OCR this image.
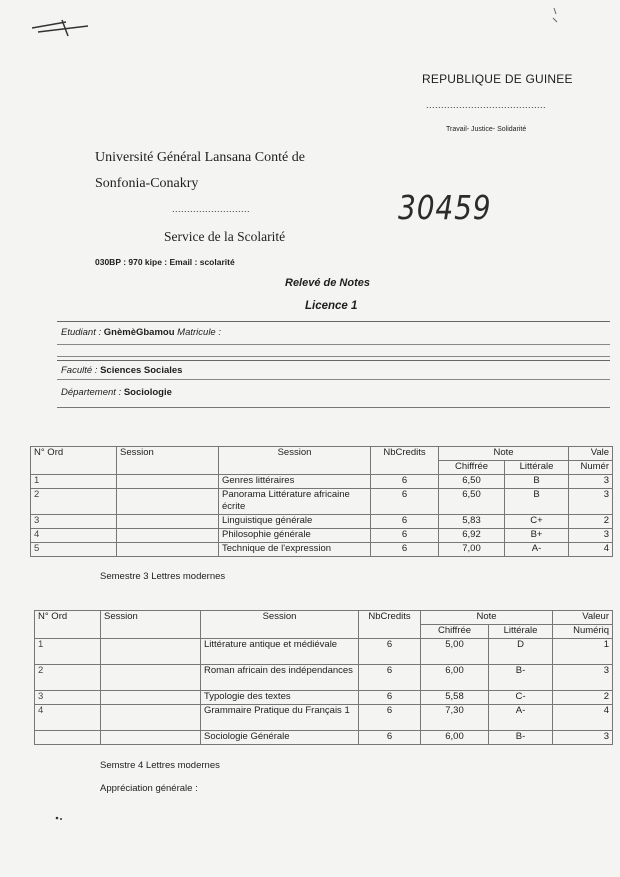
REPUBLIQUE DE GUINEE
........................................
Travail- Justice- Solidarité
Université Général Lansana Conté de
Sonfonia-Conakry
..........................
Service de la Scolarité
030BP : 970 kipe : Email : scolarité
30459
Relevé de Notes
Licence 1
Etudiant : GnèmèGbamou Matricule :
Faculté : Sciences Sociales
Département : Sociologie
N° Ord	Session	Session	NbCredits	Note		Vale
				Chiffrée	Littérale	Numér
1		Genres littéraires	6	6,50	B	3
2		Panorama Littérature africaine écrite	6	6,50	B	3
3		Linguistique générale	6	5,83	C+	2
4		Philosophie générale	6	6,92	B+	3
5		Technique de l'expression	6	7,00	A-	4
Semestre 3 Lettres modernes
N° Ord	Session	Session	NbCredits	Note		Valeur
				Chiffrée	Littérale	Numériq
1		Littérature antique et médiévale	6	5,00	D	1
2		Roman africain des indépendances	6	6,00	B-	3
3		Typologie des textes	6	5,58	C-	2
4		Grammaire Pratique du Français 1	6	7,30	A-	4
		Sociologie Générale	6	6,00	B-	3
Semstre 4 Lettres modernes
Appréciation générale :
